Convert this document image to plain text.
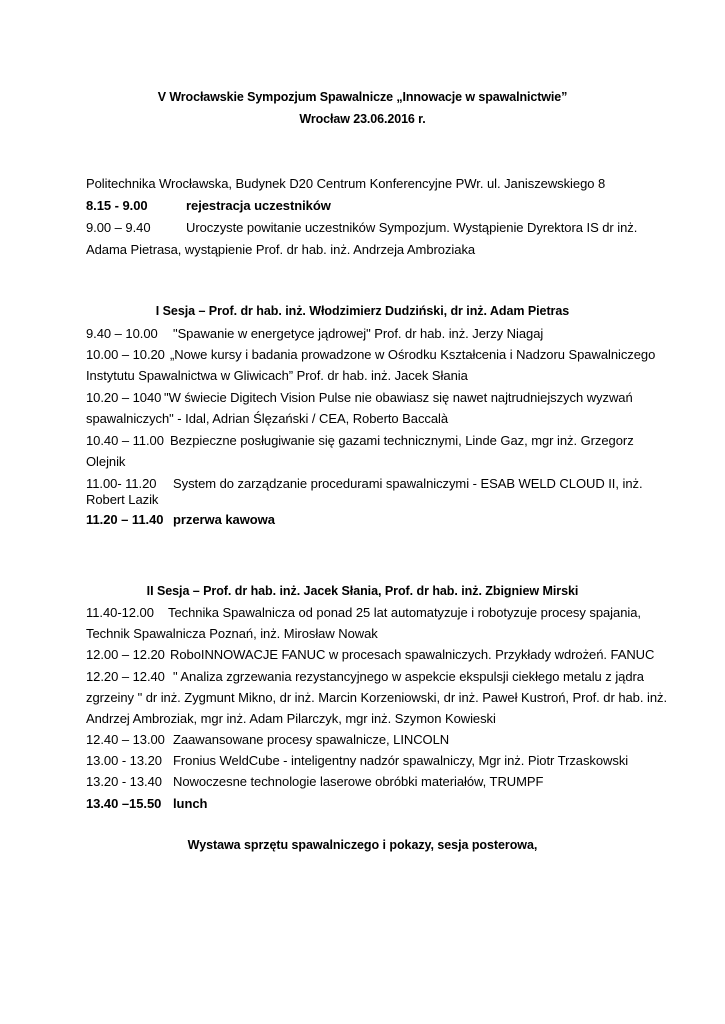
V Wrocławskie Sympozjum Spawalnicze „Innowacje w spawalnictwie”
Wrocław 23.06.2016 r.
Politechnika Wrocławska, Budynek D20 Centrum Konferencyjne PWr. ul. Janiszewskiego 8
8.15 - 9.00	rejestracja uczestników
9.00 – 9.40	Uroczyste powitanie uczestników Sympozjum. Wystąpienie Dyrektora IS dr inż.
Adama Pietrasa, wystąpienie Prof. dr hab. inż. Andrzeja Ambroziaka
I Sesja – Prof. dr hab. inż. Włodzimierz Dudziński, dr inż. Adam Pietras
9.40 – 10.00 "Spawanie w energetyce jądrowej" Prof. dr hab. inż. Jerzy Niagaj
10.00 – 10.20 „Nowe kursy i badania prowadzone w Ośrodku Kształcenia i Nadzoru Spawalniczego
Instytutu Spawalnictwa w Gliwicach” Prof. dr hab. inż. Jacek Słania
10.20 – 1040 "W świecie Digitech Vision Pulse nie obawiasz się nawet najtrudniejszych wyzwań
spawalniczych" - Idal, Adrian Ślęzański / CEA, Roberto Baccalà
10.40 – 11.00 Bezpieczne posługiwanie się gazami technicznymi, Linde Gaz, mgr inż. Grzegorz
Olejnik
11.00- 11.20 System do zarządzanie procedurami spawalniczymi - ESAB WELD CLOUD II, inż.
Robert Lazik
11.20 – 11.40 przerwa kawowa
II Sesja – Prof. dr hab. inż. Jacek Słania, Prof. dr hab. inż. Zbigniew Mirski
11.40-12.00 Technika Spawalnicza od ponad 25 lat automatyzuje i robotyzuje procesy spajania,
Technik Spawalnicza Poznań, inż. Mirosław Nowak
12.00 – 12.20 RoboINNOWACJE FANUC w procesach spawalniczych. Przykłady wdrożeń. FANUC
12.20 – 12.40 " Analiza zgrzewania rezystancyjnego w aspekcie ekspulsji ciekłego metalu z jądra
zgrzeiny " dr inż. Zygmunt Mikno, dr inż. Marcin Korzeniowski, dr inż. Paweł Kustroń, Prof. dr hab. inż.
Andrzej Ambroziak, mgr inż. Adam Pilarczyk, mgr inż. Szymon Kowieski
12.40 – 13.00 Zaawansowane procesy spawalnicze, LINCOLN
13.00 - 13.20 Fronius WeldCube - inteligentny nadzór spawalniczy, Mgr inż. Piotr Trzaskowski
13.20 - 13.40 Nowoczesne technologie laserowe obróbki materiałów, TRUMPF
13.40 –15.50 lunch
Wystawa sprzętu spawalniczego i pokazy, sesja posterowa,
